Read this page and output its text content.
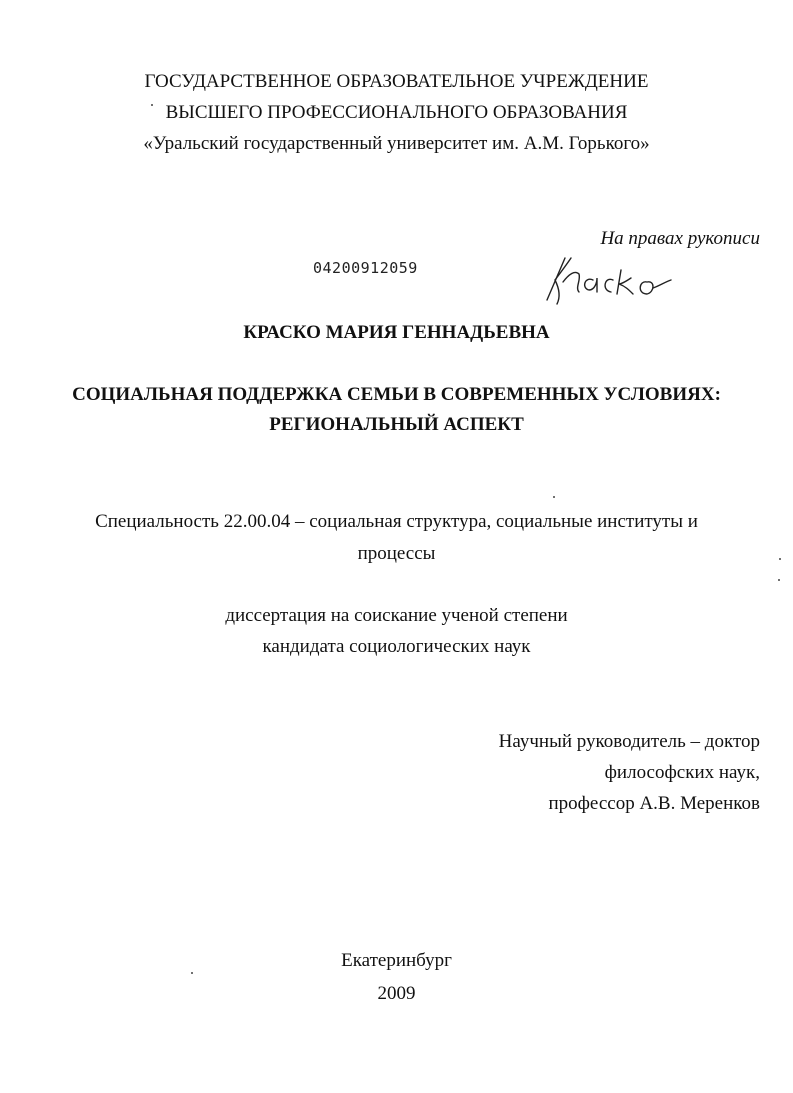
ГОСУДАРСТВЕННОЕ ОБРАЗОВАТЕЛЬНОЕ УЧРЕЖДЕНИЕ
ВЫСШЕГО ПРОФЕССИОНАЛЬНОГО ОБРАЗОВАНИЯ
«Уральский государственный университет им. А.М. Горького»
На правах рукописи
04200912059
КРАСКО МАРИЯ ГЕННАДЬЕВНА
СОЦИАЛЬНАЯ ПОДДЕРЖКА СЕМЬИ В СОВРЕМЕННЫХ УСЛОВИЯХ:
РЕГИОНАЛЬНЫЙ АСПЕКТ
Специальность 22.00.04 – социальная структура, социальные институты и
процессы
диссертация на соискание ученой степени
кандидата социологических наук
Научный руководитель – доктор
философских наук,
профессор А.В. Меренков
Екатеринбург
2009
